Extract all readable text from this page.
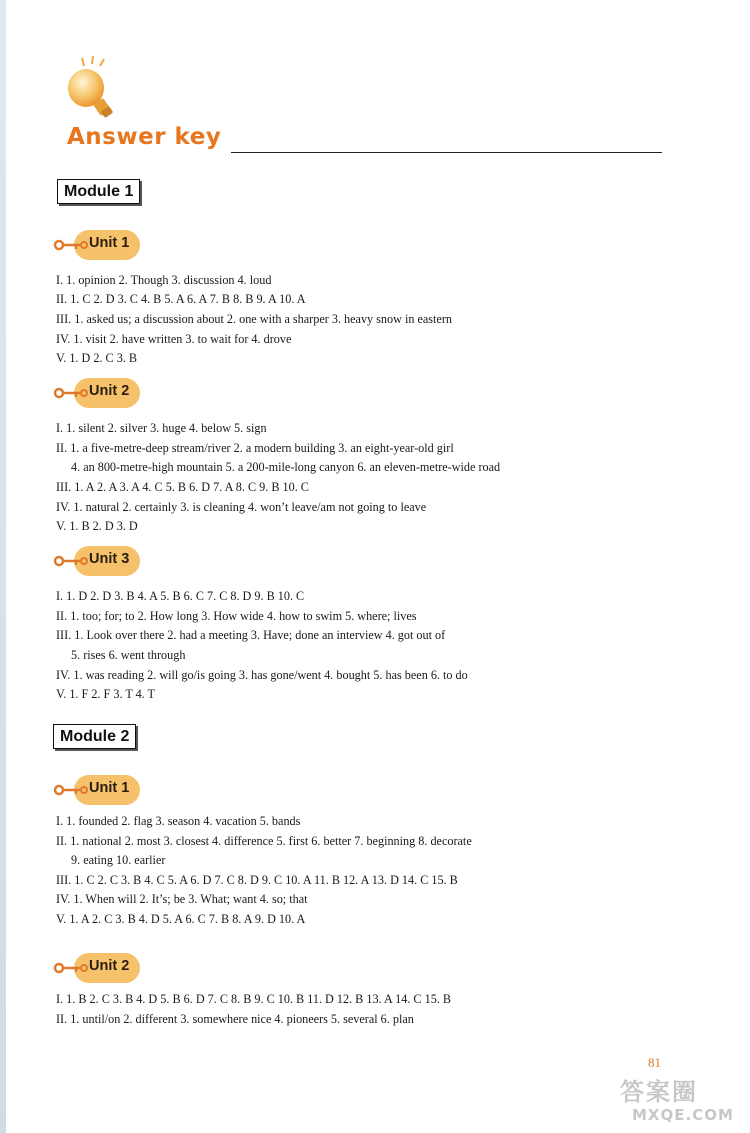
Answer key
Module 1
Unit 1
I. 1. opinion 2. Though 3. discussion 4. loud
II. 1. C 2. D 3. C 4. B 5. A 6. A 7. B 8. B 9. A 10. A
III. 1. asked us; a discussion about 2. one with a sharper 3. heavy snow in eastern
IV. 1. visit 2. have written 3. to wait for 4. drove
V. 1. D 2. C 3. B
Unit 2
I. 1. silent 2. silver 3. huge 4. below 5. sign
II. 1. a five-metre-deep stream/river 2. a modern building 3. an eight-year-old girl
4. an 800-metre-high mountain 5. a 200-mile-long canyon 6. an eleven-metre-wide road
III. 1. A 2. A 3. A 4. C 5. B 6. D 7. A 8. C 9. B 10. C
IV. 1. natural 2. certainly 3. is cleaning 4. won’t leave/am not going to leave
V. 1. B 2. D 3. D
Unit 3
I. 1. D 2. D 3. B 4. A 5. B 6. C 7. C 8. D 9. B 10. C
II. 1. too; for; to 2. How long 3. How wide 4. how to swim 5. where; lives
III. 1. Look over there 2. had a meeting 3. Have; done an interview 4. got out of
5. rises 6. went through
IV. 1. was reading 2. will go/is going 3. has gone/went 4. bought 5. has been 6. to do
V. 1. F 2. F 3. T 4. T
Module 2
Unit 1
I. 1. founded 2. flag 3. season 4. vacation 5. bands
II. 1. national 2. most 3. closest 4. difference 5. first 6. better 7. beginning 8. decorate
9. eating 10. earlier
III. 1. C 2. C 3. B 4. C 5. A 6. D 7. C 8. D 9. C 10. A 11. B 12. A 13. D 14. C 15. B
IV. 1. When will 2. It’s; be 3. What; want 4. so; that
V. 1. A 2. C 3. B 4. D 5. A 6. C 7. B 8. A 9. D 10. A
Unit 2
I. 1. B 2. C 3. B 4. D 5. B 6. D 7. C 8. B 9. C 10. B 11. D 12. B 13. A 14. C 15. B
II. 1. until/on 2. different 3. somewhere nice 4. pioneers 5. several 6. plan
81
答案圈
MXQE.COM
